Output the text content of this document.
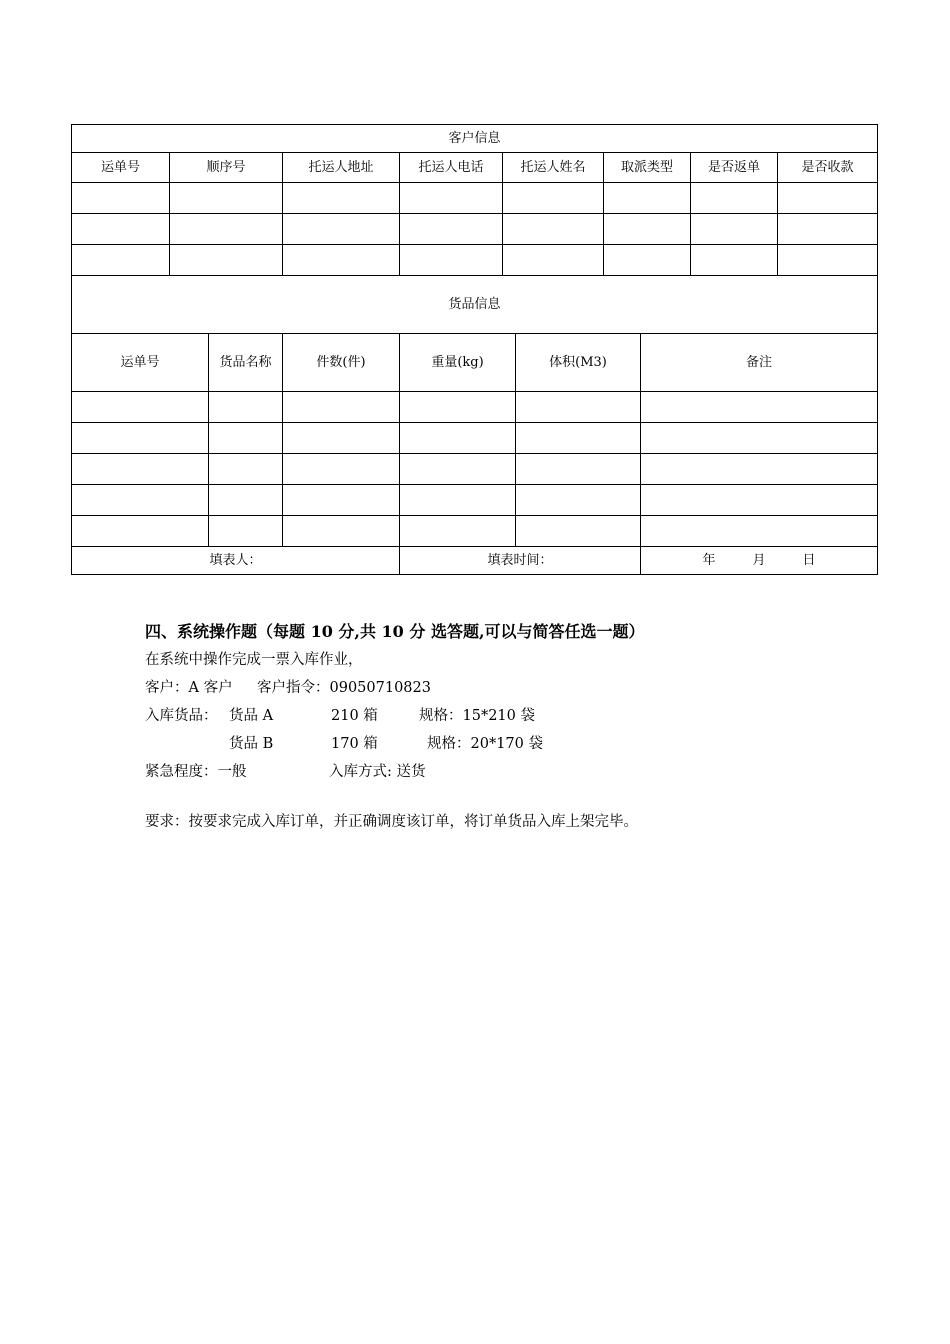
客户信息										
运单号	顺序号		托运人地址	托运人电话	托运人姓名		取派类型		是否返单	是否收款

货品信息										
运单号		货品名称	件数(件)	重量(kg)		体积(M3)		备注		

填表人：				填表时间：				年 月 日		

四、系统操作题（每题 10 分,共 10 分 选答题,可以与简答任选一题）

在系统中操作完成一票入库作业，

客户：A 客户 客户指令：09050710823

入库货品： 货品 A	210 箱	规格：15*210 袋

货品 B	170 箱	规格：20*170 袋

紧急程度：一般	入库方式: 送货

要求：按要求完成入库订单，并正确调度该订单，将订单货品入库上架完毕。
